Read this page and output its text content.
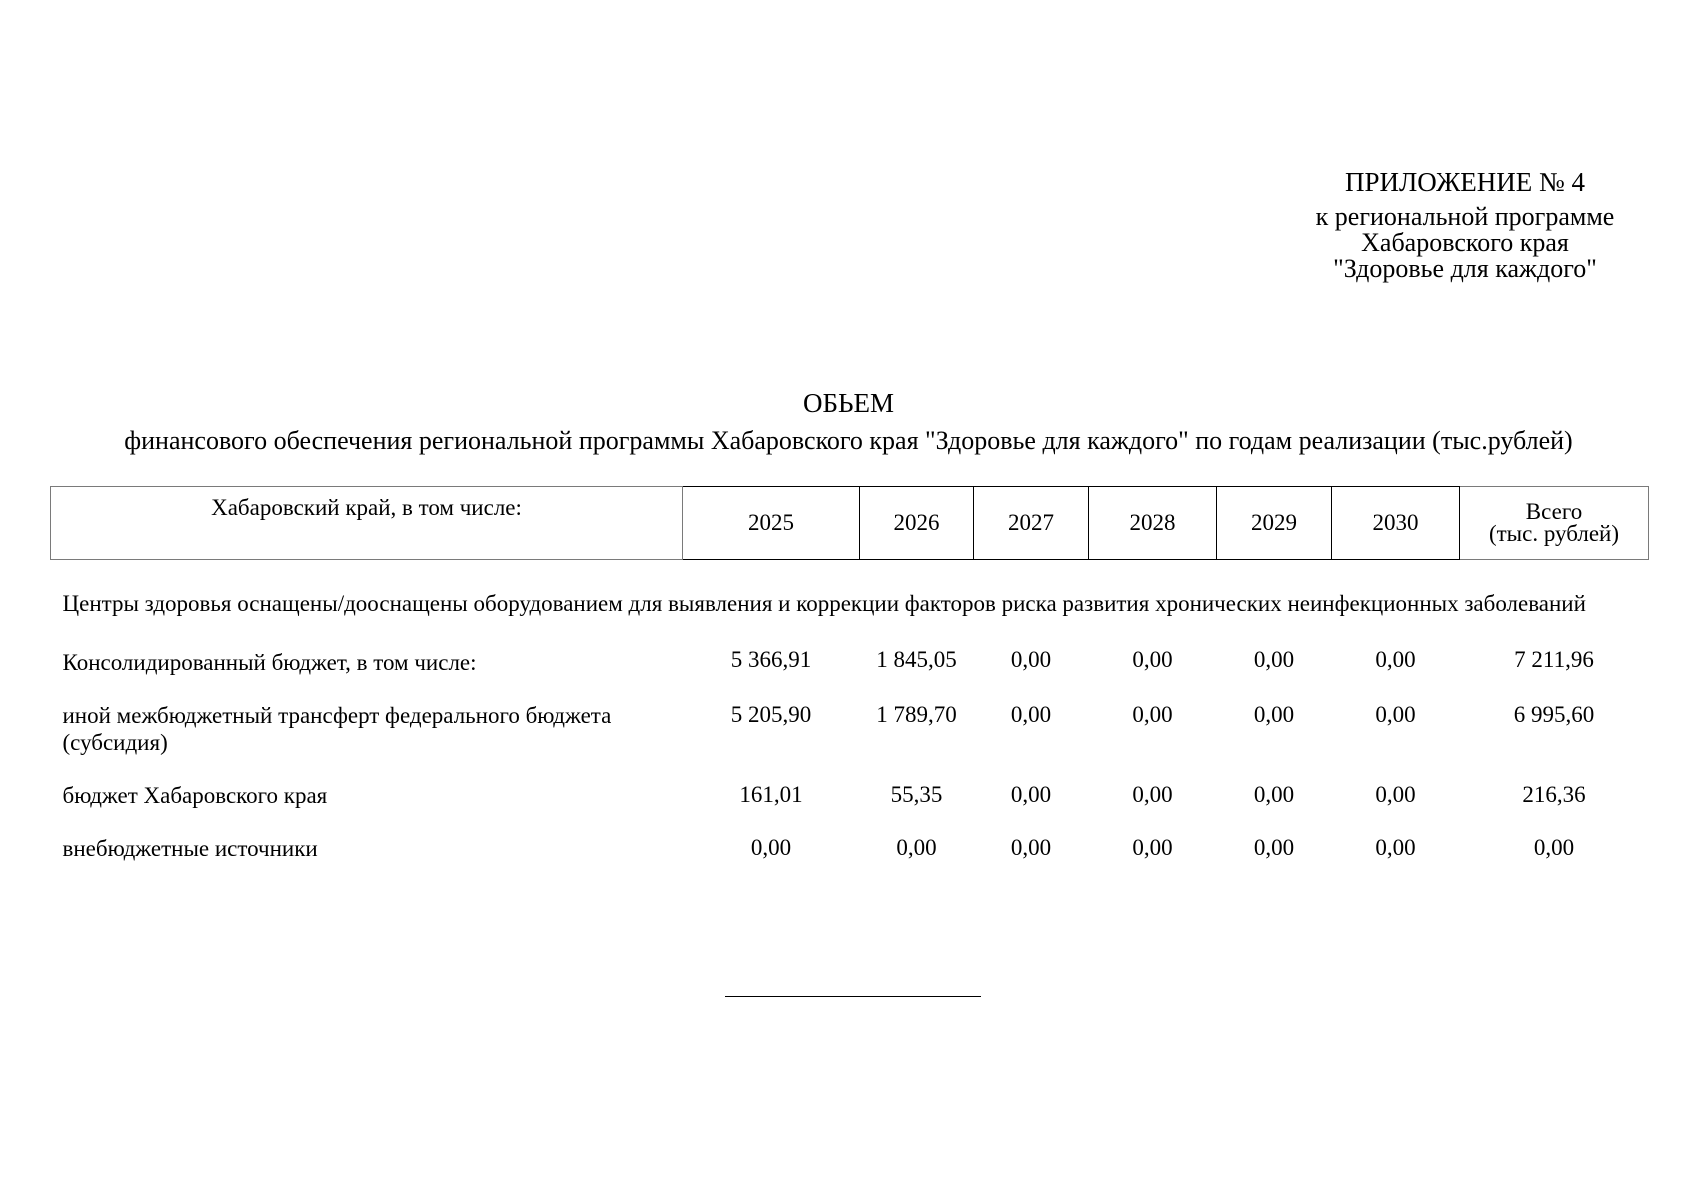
ПРИЛОЖЕНИЕ № 4
к региональной программе
Хабаровского края
"Здоровье для каждого"
ОБЬЕМ
финансового обеспечения региональной программы Хабаровского края "Здоровье для каждого" по годам реализации (тыс.рублей)
Хабаровский край, в том числе:	2025	2026	2027	2028	2029	2030	Всего
(тыс. рублей)

Центры здоровья оснащены/дооснащены оборудованием для выявления и коррекции факторов риска развития хронических неинфекционных заболеваний							
Консолидированный бюджет, в том числе:	5 366,91	1 845,05	0,00	0,00	0,00	0,00	7 211,96
иной межбюджетный трансферт федерального бюджета (субсидия)	5 205,90	1 789,70	0,00	0,00	0,00	0,00	6 995,60
бюджет Хабаровского края	161,01	55,35	0,00	0,00	0,00	0,00	216,36
внебюджетные источники	0,00	0,00	0,00	0,00	0,00	0,00	0,00
